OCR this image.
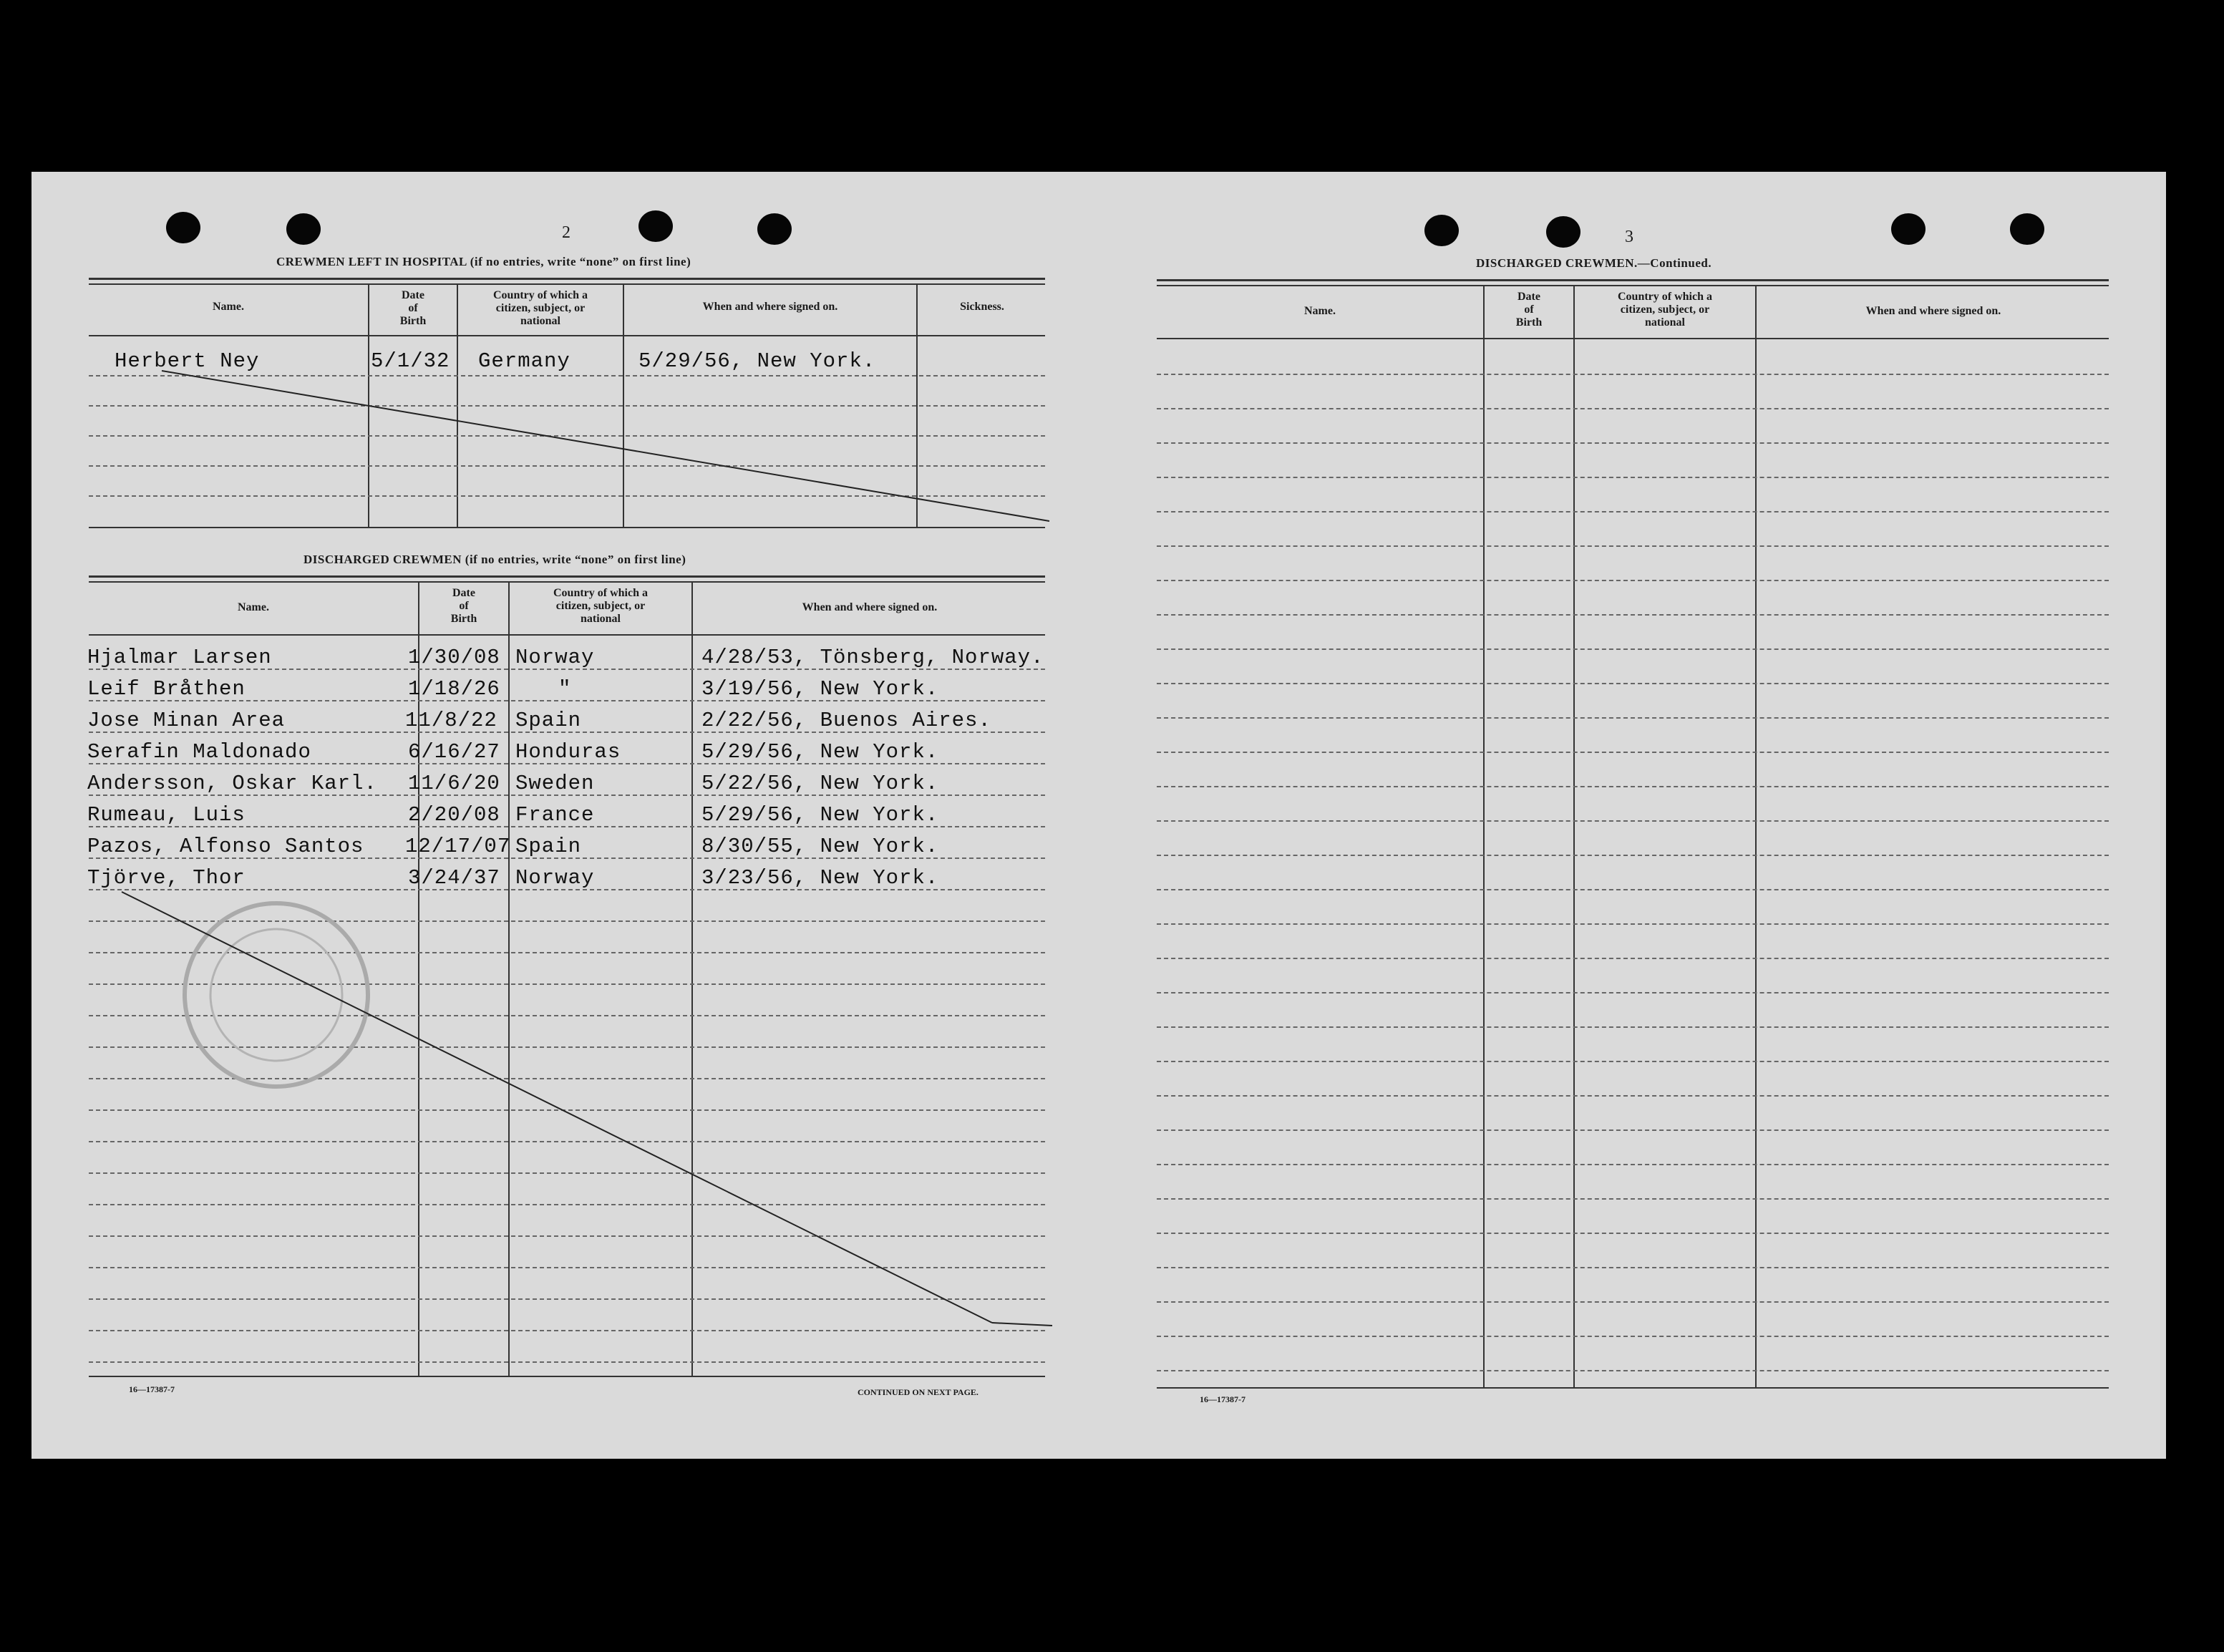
2
CREWMEN LEFT IN HOSPITAL (if no entries, write “none” on first line)
Name.
Date
of
Birth
Country of which a
citizen, subject, or
national
When and where signed on.	Sickness.
Herbert Ney	5/1/32 Germany	5/29/56, New York.
DISCHARGED CREWMEN (if no entries, write “none” on first line)
Name.
Date
of
Birth
Country of which a
citizen, subject, or
national
When and where signed on.
Hjalmar Larsen	1/30/08 Norway	4/28/53, Tönsberg, Norway.
Leif Bråthen	1/18/26	"	3/19/56, New York.
Jose Minan Area	11/8/22 Spain	2/22/56, Buenos Aires.
Serafin Maldonado	6/16/27 Honduras	5/29/56, New York.
Andersson, Oskar Karl. 11/6/20 Sweden	5/22/56, New York.
Rumeau, Luis	2/20/08 France	5/29/56, New York.
Pazos, Alfonso Santos 12/17/07 Spain	8/30/55, New York.
Tjörve, Thor	3/24/37 Norway	3/23/56, New York.
16—17387-7	CONTINUED ON NEXT PAGE.
3
DISCHARGED CREWMEN.—Continued.
Name.
Date
of
Birth
Country of which a
citizen, subject, or
national
When and where signed on.
16—17387-7
